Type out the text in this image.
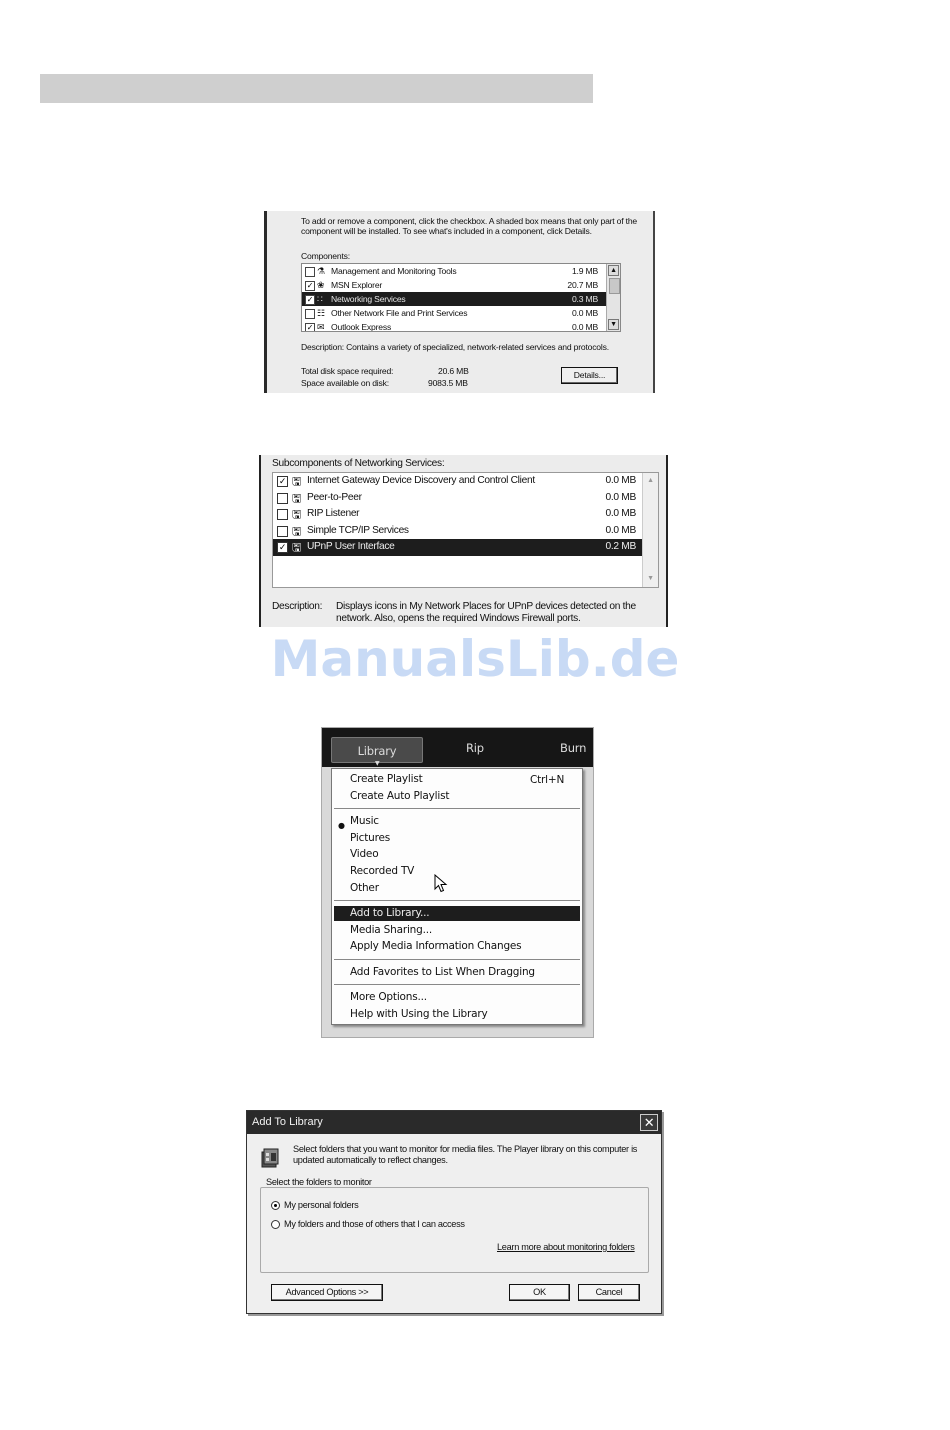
To add or remove a component, click the checkbox. A shaded box means that only part of the component will be installed. To see what's included in a component, click Details.
Components:
⚗ Management and Monitoring Tools	1.9 MB
✓ ❀ MSN Explorer	20.7 MB
✓ ∷ Networking Services	0.3 MB
☷ Other Network File and Print Services	0.0 MB
✓ ✉ Outlook Express	0.0 MB
▲
▼
Description: Contains a variety of specialized, network-related services and protocols.
Total disk space required:	20.6 MB
Space available on disk:	9083.5 MB
Details...
Subcomponents of Networking Services:
✓ 🖫 Internet Gateway Device Discovery and Control Client	0.0 MB
🖫 Peer-to-Peer	0.0 MB
🖫 RIP Listener	0.0 MB
🖫 Simple TCP/IP Services	0.0 MB
✓ 🖫 UPnP User Interface	0.2 MB
▲
▼
Description: Displays icons in My Network Places for UPnP devices detected on the network. Also, opens the required Windows Firewall ports.
ManualsLib.de
Library
▼
Rip	Burn
Create Playlist	Ctrl+N
Create Auto Playlist
● Music
Pictures
Video
Recorded TV
Other
Add to Library...
Media Sharing...
Apply Media Information Changes
Add Favorites to List When Dragging
More Options...
Help with Using the Library
Add To Library	✕
Select folders that you want to monitor for media files. The Player library on this computer is updated automatically to reflect changes.
Select the folders to monitor
My personal folders
My folders and those of others that I can access
Learn more about monitoring folders
Advanced Options >>	OK	Cancel
